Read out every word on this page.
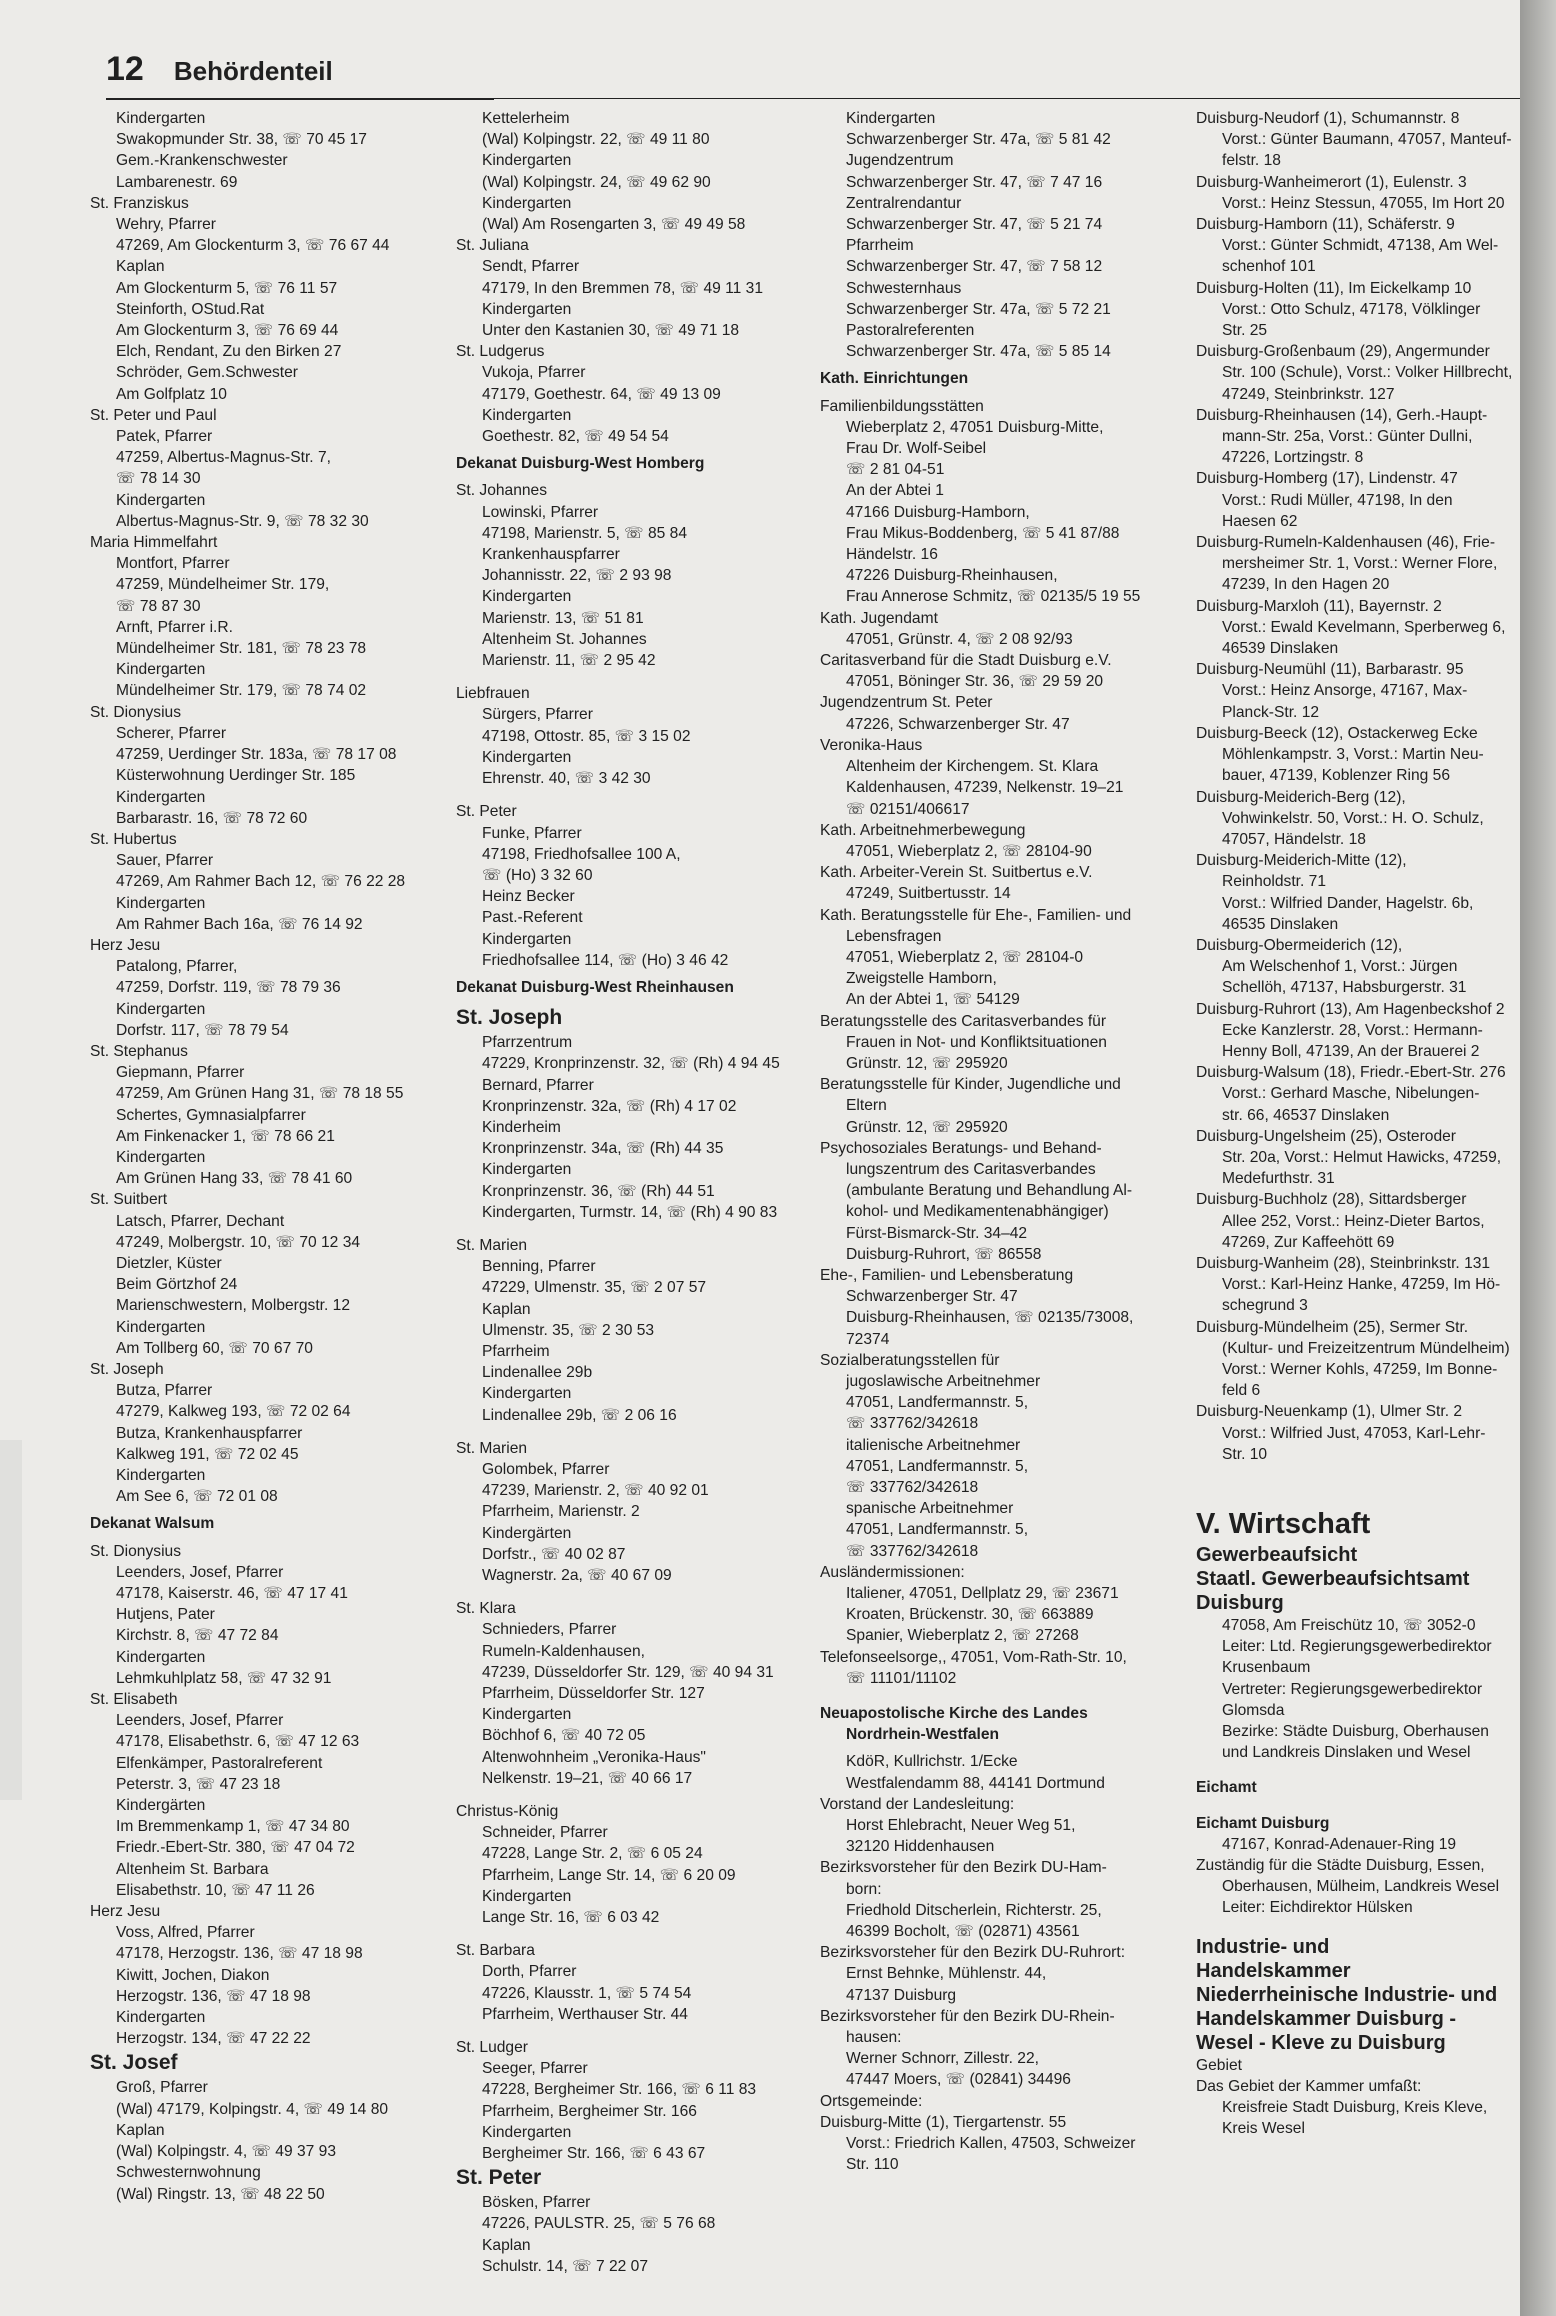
12 Behördenteil
Kindergarten
Swakopmunder Str. 38, ☏ 70 45 17
Gem.-Krankenschwester
Lambarenestr. 69
St. Franziskus
Wehry, Pfarrer
47269, Am Glockenturm 3, ☏ 76 67 44
Kaplan
Am Glockenturm 5, ☏ 76 11 57
Steinforth, OStud.Rat
Am Glockenturm 3, ☏ 76 69 44
Elch, Rendant, Zu den Birken 27
Schröder, Gem.Schwester
Am Golfplatz 10
St. Peter und Paul
Patek, Pfarrer
47259, Albertus-Magnus-Str. 7,
☏ 78 14 30
Kindergarten
Albertus-Magnus-Str. 9, ☏ 78 32 30
Maria Himmelfahrt
Montfort, Pfarrer
47259, Mündelheimer Str. 179,
☏ 78 87 30
Arnft, Pfarrer i.R.
Mündelheimer Str. 181, ☏ 78 23 78
Kindergarten
Mündelheimer Str. 179, ☏ 78 74 02
St. Dionysius
Scherer, Pfarrer
47259, Uerdinger Str. 183a, ☏ 78 17 08
Küsterwohnung Uerdinger Str. 185
Kindergarten
Barbarastr. 16, ☏ 78 72 60
St. Hubertus
Sauer, Pfarrer
47269, Am Rahmer Bach 12, ☏ 76 22 28
Kindergarten
Am Rahmer Bach 16a, ☏ 76 14 92
Herz Jesu
Patalong, Pfarrer,
47259, Dorfstr. 119, ☏ 78 79 36
Kindergarten
Dorfstr. 117, ☏ 78 79 54
St. Stephanus
Giepmann, Pfarrer
47259, Am Grünen Hang 31, ☏ 78 18 55
Schertes, Gymnasialpfarrer
Am Finkenacker 1, ☏ 78 66 21
Kindergarten
Am Grünen Hang 33, ☏ 78 41 60
St. Suitbert
Latsch, Pfarrer, Dechant
47249, Molbergstr. 10, ☏ 70 12 34
Dietzler, Küster
Beim Görtzhof 24
Marienschwestern, Molbergstr. 12
Kindergarten
Am Tollberg 60, ☏ 70 67 70
St. Joseph
Butza, Pfarrer
47279, Kalkweg 193, ☏ 72 02 64
Butza, Krankenhauspfarrer
Kalkweg 191, ☏ 72 02 45
Kindergarten
Am See 6, ☏ 72 01 08
Dekanat Walsum
St. Dionysius
Leenders, Josef, Pfarrer
47178, Kaiserstr. 46, ☏ 47 17 41
Hutjens, Pater
Kirchstr. 8, ☏ 47 72 84
Kindergarten
Lehmkuhlplatz 58, ☏ 47 32 91
St. Elisabeth
Leenders, Josef, Pfarrer
47178, Elisabethstr. 6, ☏ 47 12 63
Elfenkämper, Pastoralreferent
Peterstr. 3, ☏ 47 23 18
Kindergärten
Im Bremmenkamp 1, ☏ 47 34 80
Friedr.-Ebert-Str. 380, ☏ 47 04 72
Altenheim St. Barbara
Elisabethstr. 10, ☏ 47 11 26
Herz Jesu
Voss, Alfred, Pfarrer
47178, Herzogstr. 136, ☏ 47 18 98
Kiwitt, Jochen, Diakon
Herzogstr. 136, ☏ 47 18 98
Kindergarten
Herzogstr. 134, ☏ 47 22 22
St. Josef
Groß, Pfarrer
(Wal) 47179, Kolpingstr. 4, ☏ 49 14 80
Kaplan
(Wal) Kolpingstr. 4, ☏ 49 37 93
Schwesternwohnung
(Wal) Ringstr. 13, ☏ 48 22 50
Kettelerheim
(Wal) Kolpingstr. 22, ☏ 49 11 80
Kindergarten
(Wal) Kolpingstr. 24, ☏ 49 62 90
Kindergarten
(Wal) Am Rosengarten 3, ☏ 49 49 58
St. Juliana
Sendt, Pfarrer
47179, In den Bremmen 78, ☏ 49 11 31
Kindergarten
Unter den Kastanien 30, ☏ 49 71 18
St. Ludgerus
Vukoja, Pfarrer
47179, Goethestr. 64, ☏ 49 13 09
Kindergarten
Goethestr. 82, ☏ 49 54 54
Dekanat Duisburg-West Homberg
St. Johannes
Lowinski, Pfarrer
47198, Marienstr. 5, ☏ 85 84
Krankenhauspfarrer
Johannisstr. 22, ☏ 2 93 98
Kindergarten
Marienstr. 13, ☏ 51 81
Altenheim St. Johannes
Marienstr. 11, ☏ 2 95 42
Liebfrauen
Sürgers, Pfarrer
47198, Ottostr. 85, ☏ 3 15 02
Kindergarten
Ehrenstr. 40, ☏ 3 42 30
St. Peter
Funke, Pfarrer
47198, Friedhofsallee 100 A,
☏ (Ho) 3 32 60
Heinz Becker
Past.-Referent
Kindergarten
Friedhofsallee 114, ☏ (Ho) 3 46 42
Dekanat Duisburg-West Rheinhausen
St. Joseph
Pfarrzentrum
47229, Kronprinzenstr. 32, ☏ (Rh) 4 94 45
Bernard, Pfarrer
Kronprinzenstr. 32a, ☏ (Rh) 4 17 02
Kinderheim
Kronprinzenstr. 34a, ☏ (Rh) 44 35
Kindergarten
Kronprinzenstr. 36, ☏ (Rh) 44 51
Kindergarten, Turmstr. 14, ☏ (Rh) 4 90 83
St. Marien
Benning, Pfarrer
47229, Ulmenstr. 35, ☏ 2 07 57
Kaplan
Ulmenstr. 35, ☏ 2 30 53
Pfarrheim
Lindenallee 29b
Kindergarten
Lindenallee 29b, ☏ 2 06 16
St. Marien
Golombek, Pfarrer
47239, Marienstr. 2, ☏ 40 92 01
Pfarrheim, Marienstr. 2
Kindergärten
Dorfstr., ☏ 40 02 87
Wagnerstr. 2a, ☏ 40 67 09
St. Klara
Schnieders, Pfarrer
Rumeln-Kaldenhausen,
47239, Düsseldorfer Str. 129, ☏ 40 94 31
Pfarrheim, Düsseldorfer Str. 127
Kindergarten
Böchhof 6, ☏ 40 72 05
Altenwohnheim „Veronika-Haus"
Nelkenstr. 19–21, ☏ 40 66 17
Christus-König
Schneider, Pfarrer
47228, Lange Str. 2, ☏ 6 05 24
Pfarrheim, Lange Str. 14, ☏ 6 20 09
Kindergarten
Lange Str. 16, ☏ 6 03 42
St. Barbara
Dorth, Pfarrer
47226, Klausstr. 1, ☏ 5 74 54
Pfarrheim, Werthauser Str. 44
St. Ludger
Seeger, Pfarrer
47228, Bergheimer Str. 166, ☏ 6 11 83
Pfarrheim, Bergheimer Str. 166
Kindergarten
Bergheimer Str. 166, ☏ 6 43 67
St. Peter
Bösken, Pfarrer
47226, PAULSTR. 25, ☏ 5 76 68
Kaplan
Schulstr. 14, ☏ 7 22 07
Kindergarten
Schwarzenberger Str. 47a, ☏ 5 81 42
Jugendzentrum
Schwarzenberger Str. 47, ☏ 7 47 16
Zentralrendantur
Schwarzenberger Str. 47, ☏ 5 21 74
Pfarrheim
Schwarzenberger Str. 47, ☏ 7 58 12
Schwesternhaus
Schwarzenberger Str. 47a, ☏ 5 72 21
Pastoralreferenten
Schwarzenberger Str. 47a, ☏ 5 85 14
Kath. Einrichtungen
Familienbildungsstätten
Wieberplatz 2, 47051 Duisburg-Mitte,
Frau Dr. Wolf-Seibel
☏ 2 81 04-51
An der Abtei 1
47166 Duisburg-Hamborn,
Frau Mikus-Boddenberg, ☏ 5 41 87/88
Händelstr. 16
47226 Duisburg-Rheinhausen,
Frau Annerose Schmitz, ☏ 02135/5 19 55
Kath. Jugendamt
47051, Grünstr. 4, ☏ 2 08 92/93
Caritasverband für die Stadt Duisburg e.V.
47051, Böninger Str. 36, ☏ 29 59 20
Jugendzentrum St. Peter
47226, Schwarzenberger Str. 47
Veronika-Haus
Altenheim der Kirchengem. St. Klara
Kaldenhausen, 47239, Nelkenstr. 19–21
☏ 02151/406617
Kath. Arbeitnehmerbewegung
47051, Wieberplatz 2, ☏ 28104-90
Kath. Arbeiter-Verein St. Suitbertus e.V.
47249, Suitbertusstr. 14
Kath. Beratungsstelle für Ehe-, Familien- und
Lebensfragen
47051, Wieberplatz 2, ☏ 28104-0
Zweigstelle Hamborn,
An der Abtei 1, ☏ 54129
Beratungsstelle des Caritasverbandes für
Frauen in Not- und Konfliktsituationen
Grünstr. 12, ☏ 295920
Beratungsstelle für Kinder, Jugendliche und
Eltern
Grünstr. 12, ☏ 295920
Psychosoziales Beratungs- und Behand-
lungszentrum des Caritasverbandes
(ambulante Beratung und Behandlung Al-
kohol- und Medikamentenabhängiger)
Fürst-Bismarck-Str. 34–42
Duisburg-Ruhrort, ☏ 86558
Ehe-, Familien- und Lebensberatung
Schwarzenberger Str. 47
Duisburg-Rheinhausen, ☏ 02135/73008,
72374
Sozialberatungsstellen für
jugoslawische Arbeitnehmer
47051, Landfermannstr. 5,
☏ 337762/342618
italienische Arbeitnehmer
47051, Landfermannstr. 5,
☏ 337762/342618
spanische Arbeitnehmer
47051, Landfermannstr. 5,
☏ 337762/342618
Ausländermissionen:
Italiener, 47051, Dellplatz 29, ☏ 23671
Kroaten, Brückenstr. 30, ☏ 663889
Spanier, Wieberplatz 2, ☏ 27268
Telefonseelsorge,, 47051, Vom-Rath-Str. 10,
☏ 11101/11102
Neuapostolische Kirche des Landes
Nordrhein-Westfalen
KdöR, Kullrichstr. 1/Ecke
Westfalendamm 88, 44141 Dortmund
Vorstand der Landesleitung:
Horst Ehlebracht, Neuer Weg 51,
32120 Hiddenhausen
Bezirksvorsteher für den Bezirk DU-Ham-
born:
Friedhold Ditscherlein, Richterstr. 25,
46399 Bocholt, ☏ (02871) 43561
Bezirksvorsteher für den Bezirk DU-Ruhrort:
Ernst Behnke, Mühlenstr. 44,
47137 Duisburg
Bezirksvorsteher für den Bezirk DU-Rhein-
hausen:
Werner Schnorr, Zillestr. 22,
47447 Moers, ☏ (02841) 34496
Ortsgemeinde:
Duisburg-Mitte (1), Tiergartenstr. 55
Vorst.: Friedrich Kallen, 47503, Schweizer
Str. 110
Duisburg-Neudorf (1), Schumannstr. 8
Vorst.: Günter Baumann, 47057, Manteuf-
felstr. 18
Duisburg-Wanheimerort (1), Eulenstr. 3
Vorst.: Heinz Stessun, 47055, Im Hort 20
Duisburg-Hamborn (11), Schäferstr. 9
Vorst.: Günter Schmidt, 47138, Am Wel-
schenhof 101
Duisburg-Holten (11), Im Eickelkamp 10
Vorst.: Otto Schulz, 47178, Völklinger
Str. 25
Duisburg-Großenbaum (29), Angermunder
Str. 100 (Schule), Vorst.: Volker Hillbrecht,
47249, Steinbrinkstr. 127
Duisburg-Rheinhausen (14), Gerh.-Haupt-
mann-Str. 25a, Vorst.: Günter Dullni,
47226, Lortzingstr. 8
Duisburg-Homberg (17), Lindenstr. 47
Vorst.: Rudi Müller, 47198, In den
Haesen 62
Duisburg-Rumeln-Kaldenhausen (46), Frie-
mersheimer Str. 1, Vorst.: Werner Flore,
47239, In den Hagen 20
Duisburg-Marxloh (11), Bayernstr. 2
Vorst.: Ewald Kevelmann, Sperberweg 6,
46539 Dinslaken
Duisburg-Neumühl (11), Barbarastr. 95
Vorst.: Heinz Ansorge, 47167, Max-
Planck-Str. 12
Duisburg-Beeck (12), Ostackerweg Ecke
Möhlenkampstr. 3, Vorst.: Martin Neu-
bauer, 47139, Koblenzer Ring 56
Duisburg-Meiderich-Berg (12),
Vohwinkelstr. 50, Vorst.: H. O. Schulz,
47057, Händelstr. 18
Duisburg-Meiderich-Mitte (12),
Reinholdstr. 71
Vorst.: Wilfried Dander, Hagelstr. 6b,
46535 Dinslaken
Duisburg-Obermeiderich (12),
Am Welschenhof 1, Vorst.: Jürgen
Schellöh, 47137, Habsburgerstr. 31
Duisburg-Ruhrort (13), Am Hagenbeckshof 2
Ecke Kanzlerstr. 28, Vorst.: Hermann-
Henny Boll, 47139, An der Brauerei 2
Duisburg-Walsum (18), Friedr.-Ebert-Str. 276
Vorst.: Gerhard Masche, Nibelungen-
str. 66, 46537 Dinslaken
Duisburg-Ungelsheim (25), Osteroder
Str. 20a, Vorst.: Helmut Hawicks, 47259,
Medefurthstr. 31
Duisburg-Buchholz (28), Sittardsberger
Allee 252, Vorst.: Heinz-Dieter Bartos,
47269, Zur Kaffeehött 69
Duisburg-Wanheim (28), Steinbrinkstr. 131
Vorst.: Karl-Heinz Hanke, 47259, Im Hö-
schegrund 3
Duisburg-Mündelheim (25), Sermer Str.
(Kultur- und Freizeitzentrum Mündelheim)
Vorst.: Werner Kohls, 47259, Im Bonne-
feld 6
Duisburg-Neuenkamp (1), Ulmer Str. 2
Vorst.: Wilfried Just, 47053, Karl-Lehr-
Str. 10
V. Wirtschaft
Gewerbeaufsicht
Staatl. Gewerbeaufsichtsamt
Duisburg
47058, Am Freischütz 10, ☏ 3052-0
Leiter: Ltd. Regierungsgewerbedirektor
Krusenbaum
Vertreter: Regierungsgewerbedirektor
Glomsda
Bezirke: Städte Duisburg, Oberhausen
und Landkreis Dinslaken und Wesel
Eichamt
Eichamt Duisburg
47167, Konrad-Adenauer-Ring 19
Zuständig für die Städte Duisburg, Essen,
Oberhausen, Mülheim, Landkreis Wesel
Leiter: Eichdirektor Hülsken
Industrie- und
Handelskammer
Niederrheinische Industrie- und
Handelskammer Duisburg -
Wesel - Kleve zu Duisburg
Gebiet
Das Gebiet der Kammer umfaßt:
Kreisfreie Stadt Duisburg, Kreis Kleve,
Kreis Wesel
